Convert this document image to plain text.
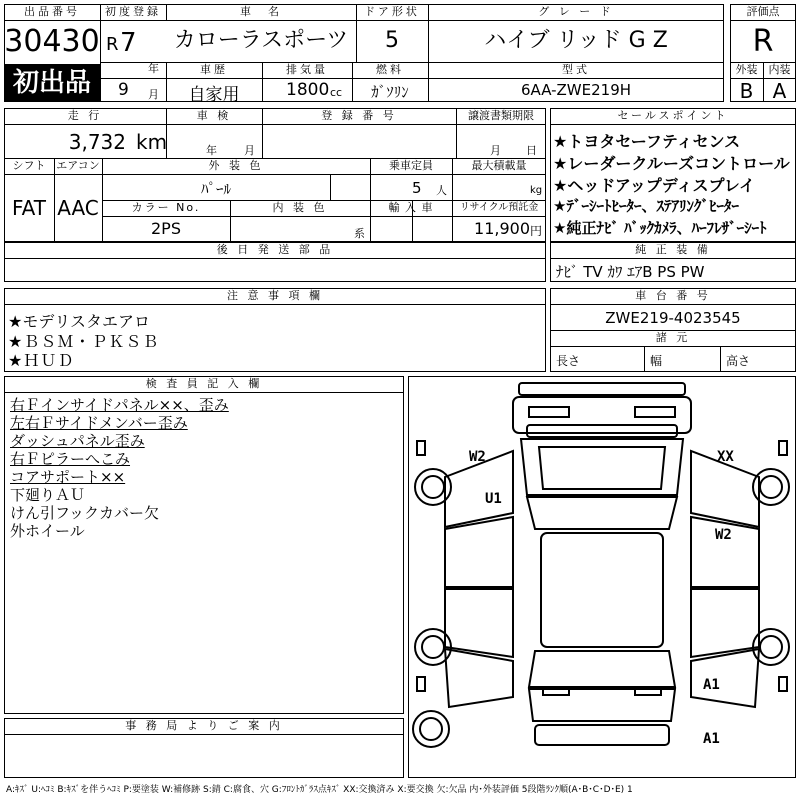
出品番号
30430
初出品
初度登録
R 7
年
9 月
車　名
カローラスポーツ
ドア形状
5
グ レ ー ド
ハイブ リッド G Z
車歴
自家用
排気量
1800 cc
燃料
ｶﾞｿﾘﾝ
型式
6AA-ZWE219H
評価点
R
外装	内装
B A
走 行
3,732 km
車 検
年 月
登 録 番 号	譲渡書類期限
月 日
シフト
FAT
エアコン
AAC
外 装 色
ﾊﾟｰﾙ
乗車定員
5 人
最大積載量
kg
カラー No.
2PS
内 装 色
系
輸 入 車	リサイクル預託金
11,900 円
後 日 発 送 部 品
セールスポイント
★トヨタセーフティセンス
★レーダークルーズコントロール
★ヘッドアップディスプレイ
★ﾃﾞｰｼｰﾄﾋｰﾀｰ、ｽﾃｱﾘﾝｸﾞﾋｰﾀｰ
★純正ﾅﾋﾞ ﾊﾞｯｸｶﾒﾗ、ﾊｰﾌﾚｻﾞｰｼｰﾄ
純 正 装 備
ﾅﾋﾞ TV ｶﾜ ｴｱB PS PW
注 意 事 項 欄
★モデリスタエアロ
★ＢＳＭ・ＰＫＳＢ
★ＨＵＤ
車 台 番 号
ZWE219-4023545
諸 元
長さ	幅	高さ
検 査 員 記 入 欄
右Ｆインサイドパネル××、歪み
左右Ｆサイドメンバー歪み
ダッシュパネル歪み
右Ｆピラーへこみ
コアサポート××
下廻りＡＵ
けん引フックカバー欠
外ホイール
事 務 局 よ り ご 案 内
W2	XX
U1
W2
A1
A1
A:ｷｽﾞ U:ﾍｺﾐ B:ｷｽﾞを伴うﾍｺﾐ P:要塗装 W:補修跡 S:錆 C:腐食、穴 G:ﾌﾛﾝﾄｶﾞﾗｽ点ｷｽﾞ XX:交換済み X:要交換 欠:欠品 内･外装評価 5段階ﾗﾝｸ順(A･B･C･D･E) 1
